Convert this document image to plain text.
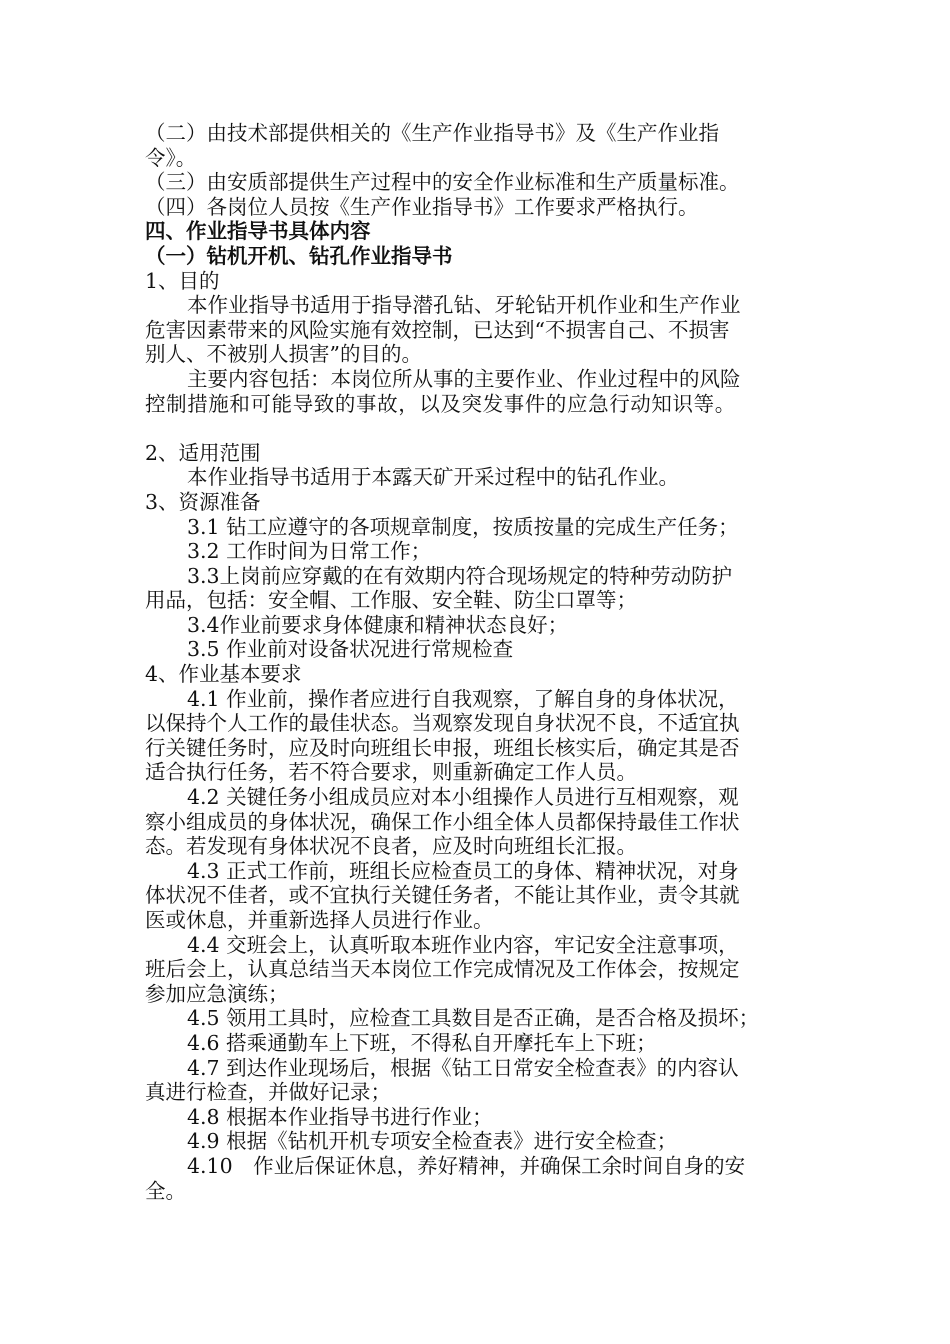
（二）由技术部提供相关的《生产作业指导书》及《生产作业指
令》。
（三）由安质部提供生产过程中的安全作业标准和生产质量标准。
（四）各岗位人员按《生产作业指导书》工作要求严格执行。
四、作业指导书具体内容
（一）钻机开机、钻孔作业指导书
1、目的
本作业指导书适用于指导潜孔钻、牙轮钻开机作业和生产作业
危害因素带来的风险实施有效控制，已达到“不损害自己、不损害
别人、不被别人损害”的目的。
主要内容包括：本岗位所从事的主要作业、作业过程中的风险
控制措施和可能导致的事故，以及突发事件的应急行动知识等。
2、适用范围
本作业指导书适用于本露天矿开采过程中的钻孔作业。
3、资源准备
3.1 钻工应遵守的各项规章制度，按质按量的完成生产任务；
3.2 工作时间为日常工作；
3.3上岗前应穿戴的在有效期内符合现场规定的特种劳动防护
用品，包括：安全帽、工作服、安全鞋、防尘口罩等；
3.4作业前要求身体健康和精神状态良好；
3.5 作业前对设备状况进行常规检查
4、作业基本要求
4.1 作业前，操作者应进行自我观察，了解自身的身体状况，
以保持个人工作的最佳状态。当观察发现自身状况不良，不适宜执
行关键任务时，应及时向班组长申报，班组长核实后，确定其是否
适合执行任务，若不符合要求，则重新确定工作人员。
4.2 关键任务小组成员应对本小组操作人员进行互相观察，观
察小组成员的身体状况，确保工作小组全体人员都保持最佳工作状
态。若发现有身体状况不良者，应及时向班组长汇报。
4.3 正式工作前，班组长应检查员工的身体、精神状况，对身
体状况不佳者，或不宜执行关键任务者，不能让其作业，责令其就
医或休息，并重新选择人员进行作业。
4.4 交班会上，认真听取本班作业内容，牢记安全注意事项，
班后会上，认真总结当天本岗位工作完成情况及工作体会，按规定
参加应急演练；
4.5 领用工具时，应检查工具数目是否正确，是否合格及损坏；
4.6 搭乘通勤车上下班，不得私自开摩托车上下班；
4.7 到达作业现场后，根据《钻工日常安全检查表》的内容认
真进行检查，并做好记录；
4.8 根据本作业指导书进行作业；
4.9 根据《钻机开机专项安全检查表》进行安全检查；
4.10　作业后保证休息，养好精神，并确保工余时间自身的安
全。
